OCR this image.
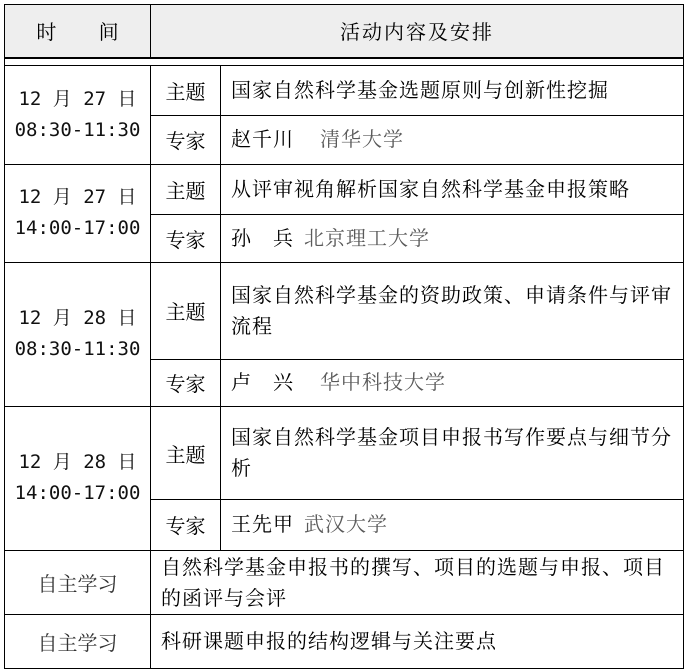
时 间	活动内容及安排	

12 月 27 日
08:30-11:30	主题	国家自然科学基金选题原则与创新性挖掘
	专家	赵千川 清华大学

12 月 27 日
14:00-17:00	主题	从评审视角解析国家自然科学基金申报策略
	专家	孙　兵 北京理工大学

12 月 28 日
08:30-11:30	主题	国家自然科学基金的资助政策、申请条件与评审流程
	专家	卢　兴 华中科技大学

12 月 28 日
14:00-17:00	主题	国家自然科学基金项目申报书写作要点与细节分析
	专家	王先甲 武汉大学
自主学习	自然科学基金申报书的撰写、项目的选题与申报、项目的函评与会评	
自主学习	科研课题申报的结构逻辑与关注要点	
